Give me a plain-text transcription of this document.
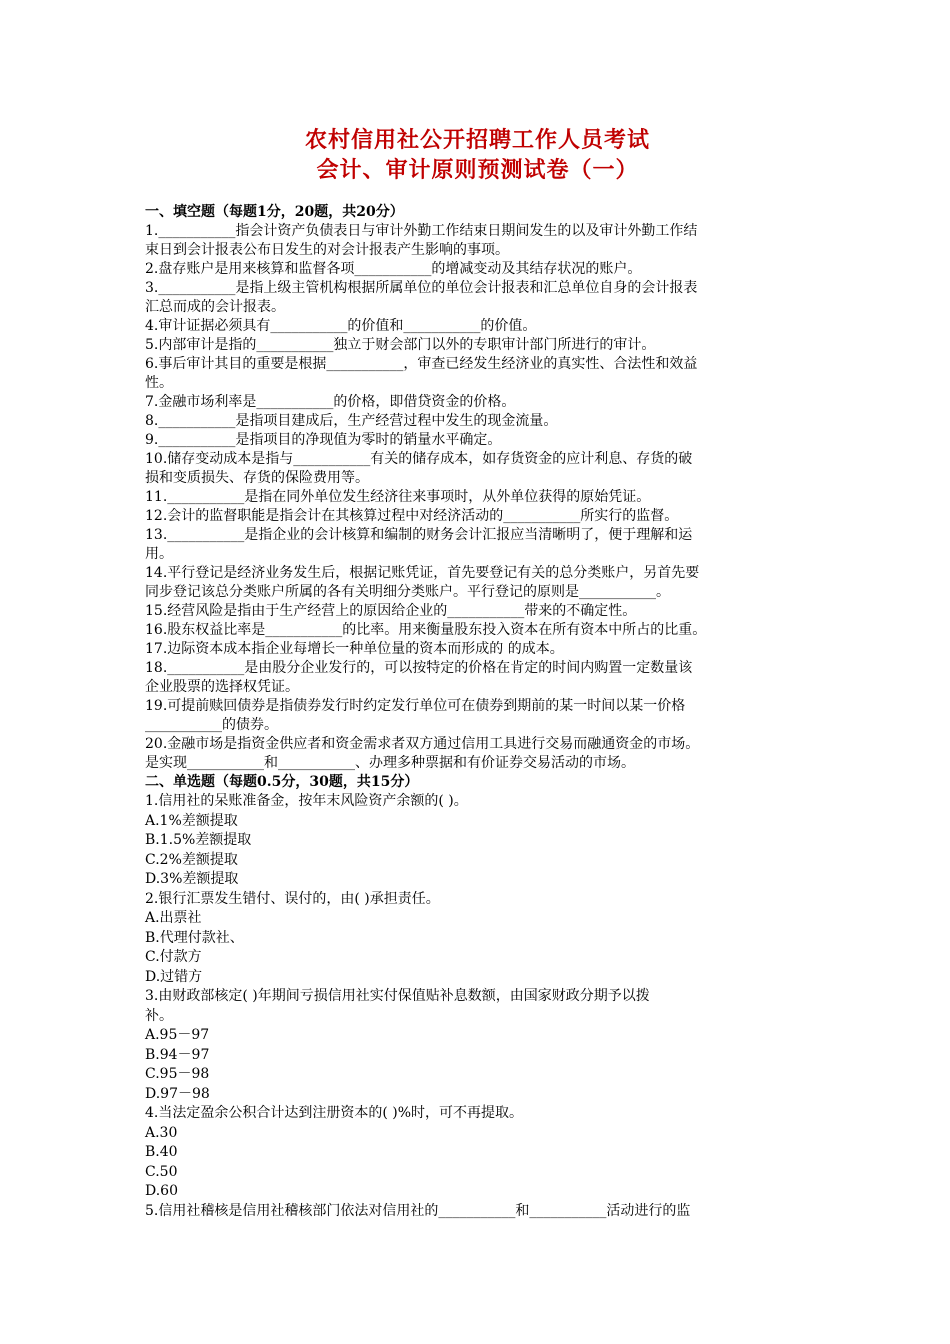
农村信用社公开招聘工作人员考试

会计、审计原则预测试卷（一）

一、填空题（每题1分，20题，共20分）

1.___________指会计资产负债表日与审计外勤工作结束日期间发生的以及审计外勤工作结

束日到会计报表公布日发生的对会计报表产生影响的事项。

2.盘存账户是用来核算和监督各项___________的增减变动及其结存状况的账户。

3.___________是指上级主管机构根据所属单位的单位会计报表和汇总单位自身的会计报表

汇总而成的会计报表。

4.审计证据必须具有___________的价值和___________的价值。

5.内部审计是指的___________独立于财会部门以外的专职审计部门所进行的审计。

6.事后审计其目的重要是根据___________，审查已经发生经济业的真实性、合法性和效益

性。

7.金融市场利率是___________的价格，即借贷资金的价格。

8.___________是指项目建成后，生产经营过程中发生的现金流量。

9.___________是指项目的净现值为零时的销量水平确定。

10.储存变动成本是指与___________有关的储存成本，如存货资金的应计利息、存货的破

损和变质损失、存货的保险费用等。

11.___________是指在同外单位发生经济往来事项时，从外单位获得的原始凭证。

12.会计的监督职能是指会计在其核算过程中对经济活动的___________所实行的监督。

13.___________是指企业的会计核算和编制的财务会计汇报应当清晰明了，便于理解和运

用。

14.平行登记是经济业务发生后，根据记账凭证，首先要登记有关的总分类账户，另首先要

同步登记该总分类账户所属的各有关明细分类账户。平行登记的原则是___________。

15.经营风险是指由于生产经营上的原因给企业的___________带来的不确定性。

16.股东权益比率是___________的比率。用来衡量股东投入资本在所有资本中所占的比重。

17.边际资本成本指企业每增长一种单位量的资本而形成的 的成本。

18.___________是由股分企业发行的，可以按特定的价格在肯定的时间内购置一定数量该

企业股票的选择权凭证。

19.可提前赎回债券是指债券发行时约定发行单位可在债券到期前的某一时间以某一价格

___________的债券。

20.金融市场是指资金供应者和资金需求者双方通过信用工具进行交易而融通资金的市场。

是实现___________和___________、办理多种票据和有价证券交易活动的市场。

二、单选题（每题0.5分，30题，共15分）

1.信用社的呆账准备金，按年末风险资产余额的( )。

A.1%差额提取

B.1.5%差额提取

C.2%差额提取

D.3%差额提取

2.银行汇票发生错付、误付的，由( )承担责任。

A.出票社

B.代理付款社、

C.付款方

D.过错方

3.由财政部核定( )年期间亏损信用社实付保值贴补息数额，由国家财政分期予以拨

补。

A.95－97

B.94－97

C.95－98

D.97－98

4.当法定盈余公积合计达到注册资本的( )%时，可不再提取。

A.30

B.40

C.50

D.60

5.信用社稽核是信用社稽核部门依法对信用社的___________和___________活动进行的监
